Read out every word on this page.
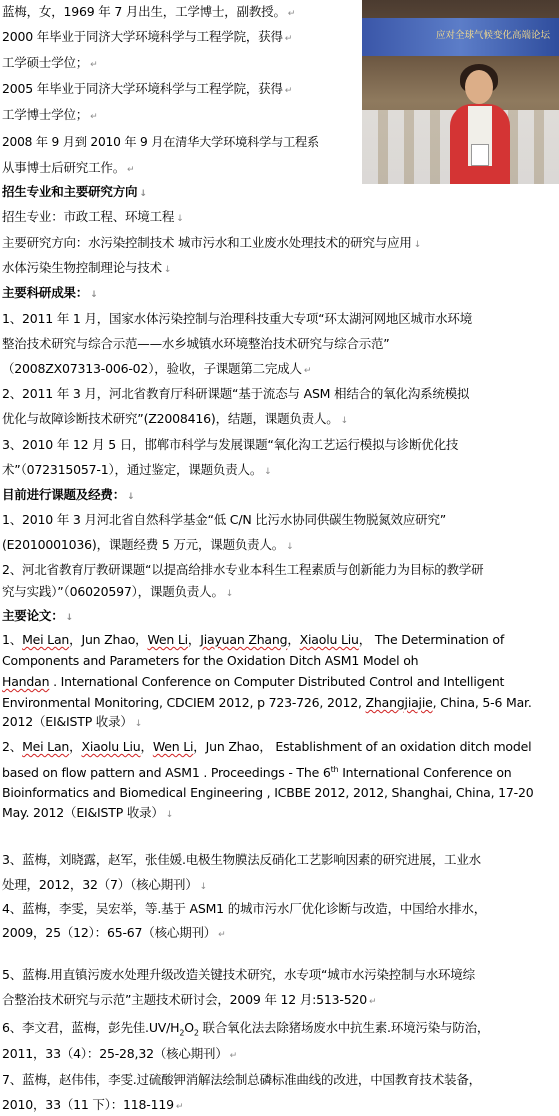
应对全球气候变化高端论坛
蓝梅，女，1969 年 7 月出生，工学博士，副教授。 ↵
2000 年毕业于同济大学环境科学与工程学院，获得 ↵
工学硕士学位； ↵
2005 年毕业于同济大学环境科学与工程学院，获得 ↵
工学博士学位； ↵
2008 年 9 月到 2010 年 9 月在清华大学环境科学与工程系
从事博士后研究工作。 ↵
招生专业和主要研究方向 ↓
招生专业：市政工程、环境工程 ↓
主要研究方向：水污染控制技术 城市污水和工业废水处理技术的研究与应用 ↓
水体污染生物控制理论与技术 ↓
主要科研成果： ↓
1、2011 年 1 月，国家水体污染控制与治理科技重大专项“环太湖河网地区城市水环境
整治技术研究与综合示范——水乡城镇水环境整治技术研究与综合示范”
（2008ZX07313-006-02），验收，子课题第二完成人 ↵
2、2011 年 3 月，河北省教育厅科研课题“基于流态与 ASM 相结合的氧化沟系统模拟
优化与故障诊断技术研究”(Z2008416)，结题，课题负责人。 ↓
3、2010 年 12 月 5 日，邯郸市科学与发展课题“氧化沟工艺运行模拟与诊断优化技
术”（072315057-1），通过鉴定，课题负责人。 ↓
目前进行课题及经费： ↓
1、2010 年 3 月河北省自然科学基金“低 C/N 比污水协同供碳生物脱氮效应研究”
(E2010001036)，课题经费 5 万元，课题负责人。 ↓
2、河北省教育厅教研课题“以提高给排水专业本科生工程素质与创新能力为目标的教学研
究与实践）”（06020597），课题负责人。 ↓
主要论文： ↓
1、Mei Lan，Jun Zhao，Wen Li，Jiayuan Zhang，Xiaolu Liu， The Determination of
Components and Parameters for the Oxidation Ditch ASM1 Model oh
Handan . International Conference on Computer Distributed Control and Intelligent
Environmental Monitoring, CDCIEM 2012, p 723-726, 2012, Zhangjiajie, China, 5-6 Mar.
2012（EI&ISTP 收录） ↓
2、Mei Lan，Xiaolu Liu，Wen Li，Jun Zhao， Establishment of an oxidation ditch model
based on flow pattern and ASM1 . Proceedings - The 6th International Conference on
Bioinformatics and Biomedical Engineering , ICBBE 2012, 2012, Shanghai, China, 17-20
May. 2012（EI&ISTP 收录） ↓
3、蓝梅，刘晓露，赵军，张佳媛.电极生物膜法反硝化工艺影响因素的研究进展，工业水
处理，2012，32（7）（核心期刊） ↓
4、蓝梅，李雯，吴宏举，等.基于 ASM1 的城市污水厂优化诊断与改造，中国给水排水，
2009，25（12）：65-67（核心期刊） ↵
5、蓝梅.用直镇污废水处理升级改造关键技术研究，水专项“城市水污染控制与水环境综
合整治技术研究与示范”主题技术研讨会，2009 年 12 月:513-520 ↵
6、李文君，蓝梅，彭先佳$.UV/H_2O_2$ 联合氧化法去除猪场废水中抗生素.环境污染与防治，
2011，33（4）：25-28,32（核心期刊） ↵
7、蓝梅，赵伟伟，李雯.过硫酸钾消解法绘制总磷标准曲线的改进，中国教育技术装备，
2010，33（11 下）：118-119 ↵
